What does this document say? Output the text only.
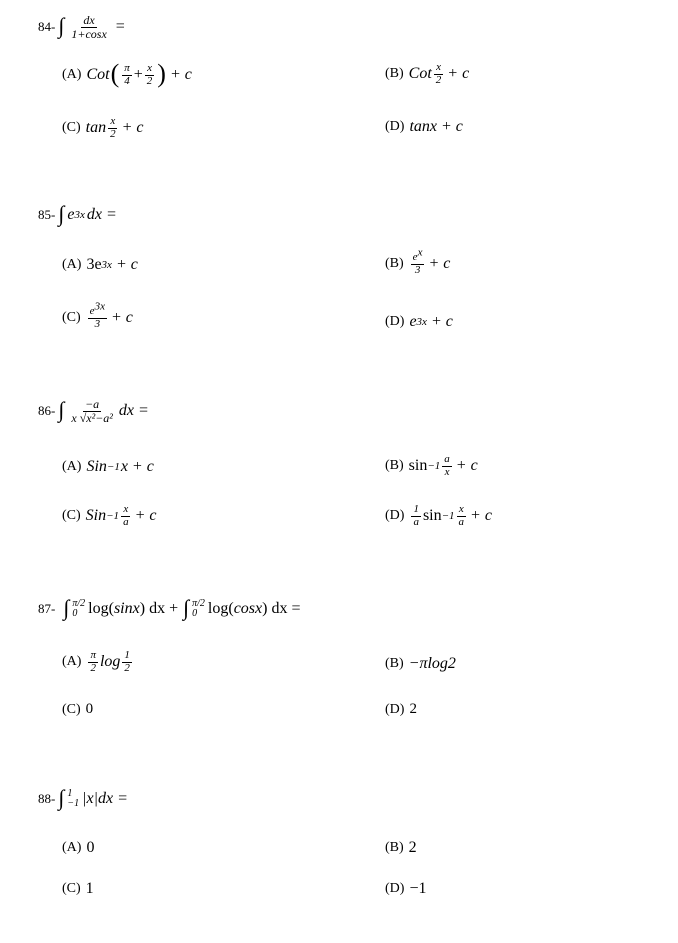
84- ∫ $\frac{dx}{1+\cos x}$ =
(A) Cot ( $\frac{\pi}{4} + \frac{x}{2}$ ) + c	(B) Cot $\frac{x}{2} + c$
(C) $\tan \frac{x}{2} + c$	(D) tanx + c
85- ∫ e 3x dx =
(A) 3e 3x + c	$(B) \frac{ex}{3} + c$
$(C) \frac{e3x}{3} + c$	(D) e 3x + c
86- ∫ $\frac{-a}{\text{x √x²−a²}}$ dx =
(A) Sin −1 x + c	(B) $\sin -1 \frac{a}{x} + c$
(C) Sin $-1 \frac{x}{a} + c$	$(D) \frac{1}{a}$ $\sin -1 \frac{x}{a} + c$
87- ∫ π/2
0 log( sinx ) dx + ∫ π/2
0 log( cosx ) dx =
$(A) \frac{\pi}{2}$ $\log \frac{1}{2}$	(B) −πlog2
(C) 0	(D) 2
88- ∫ 1
−1 |x|dx =
(A) 0	(B) 2
(C) 1	(D) −1
